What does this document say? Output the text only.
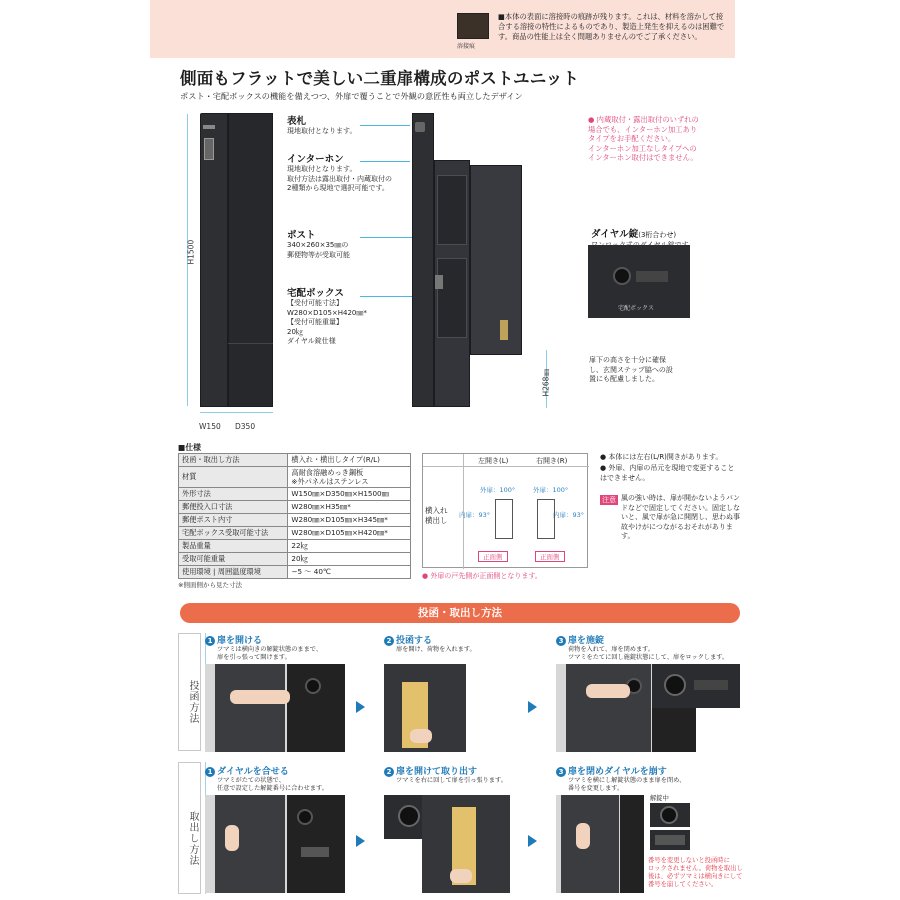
溶接痕
■本体の表面に溶接時の痕跡が残ります。これは、材料を溶かして接合する溶接の特性によるものであり、製造上発生を抑えるのは困難です。商品の性能上は全く問題ありませんのでご了承ください。
側面もフラットで美しい二重扉構成のポストユニット
ポスト・宅配ボックスの機能を備えつつ、外扉で覆うことで外観の意匠性も両立したデザイン
H1500
W150 D350
表札
現地取付となります。
インターホン
現地取付となります。
取付方法は露出取付・内蔵取付の
2種類から現地で選択可能です。
ポスト
340×260×35㎜の
郵便物等が受取可能
宅配ボックス
【受付可能寸法】
W280×D105×H420㎜*
【受付可能重量】
20㎏
ダイヤル錠仕様
H268㎜
● 内蔵取付・露出取付のいずれの
場合でも、インターホン加工あり
タイプをお手配ください。
インターホン加工なしタイプへの
インターホン取付はできません。
ダイヤル錠(3桁合わせ)
宅配ボックス
扉下の高さを十分に確保し、玄関ステップ脇への設置にも配慮しました。
■仕様
投函・取出し方法	横入れ・横出しタイプ(R/L)
材質	高耐食溶融めっき鋼板
※外パネルはステンレス
外形寸法	W150㎜×D350㎜×H1500㎜
郵便投入口寸法	W280㎜×H35㎜*
郵便ポスト内寸	W280㎜×D105㎜×H345㎜*
宅配ボックス受取可能寸法	W280㎜×D105㎜×H420㎜*
製品重量	22㎏
受取可能重量	20㎏
使用環境 | 周囲温度環境	−5 ～ 40℃
※側面側から見た寸法
横入れ
横出し
左開き(L)	右開き(R)
外扉：100°
内扉：93°
外扉：100°
内扉：93°
正面側	正面側
● 外扉の戸先側が正面側となります。
● 本体には左右(L/R)開きがあります。
● 外扉、内扉の吊元を現地で変更することはできません。
注意 風の強い時は、扉が開かないようバンドなどで固定してください。固定しないと、風で扉が急に開閉し、思わぬ事故やけがにつながるおそれがあります。
投函・取出し方法
投函方法
取出し方法
1 扉を開ける
ツマミは横向きの解錠状態のままで、
扉を引っ張って開けます。
2 投函する
扉を開け、荷物を入れます。
3 扉を施錠
荷物を入れて、扉を閉めます。
ツマミをたてに回し施錠状態にして、扉をロックします。
1 ダイヤルを合せる
ツマミがたての状態で、
任意で設定した解錠番号に合わせます。
2 扉を開けて取り出す
ツマミを右に回して扉を引っ張ります。
3 扉を閉めダイヤルを崩す
ツマミを横にし解錠状態のまま扉を閉め、
番号を変更します。
解錠中
番号を変更しないと投函時に
ロックされません。荷物を取出し
後は、必ずツマミは横向きにして
番号を崩してください。
